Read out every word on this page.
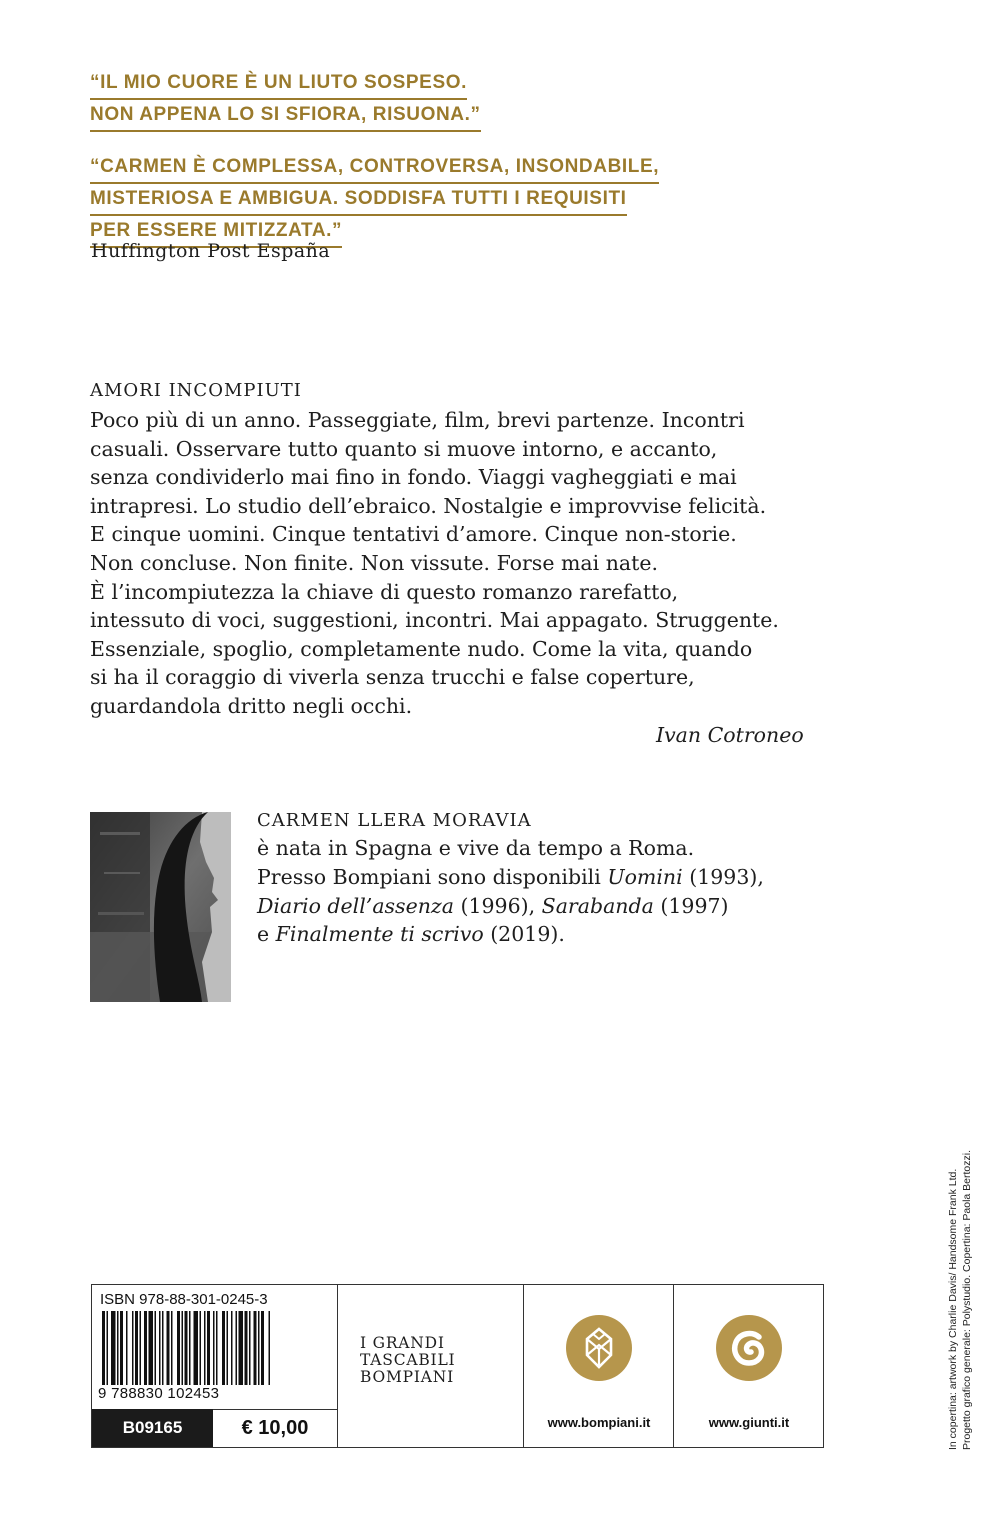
“IL MIO CUORE È UN LIUTO SOSPESO.
NON APPENA LO SI SFIORA, RISUONA.”
“CARMEN È COMPLESSA, CONTROVERSA, INSONDABILE,
MISTERIOSA E AMBIGUA. SODDISFA TUTTI I REQUISITI
PER ESSERE MITIZZATA.”
Huffington Post España
AMORI INCOMPIUTI
Poco più di un anno. Passeggiate, film, brevi partenze. Incontri
casuali. Osservare tutto quanto si muove intorno, e accanto,
senza condividerlo mai fino in fondo. Viaggi vagheggiati e mai
intrapresi. Lo studio dell’ebraico. Nostalgie e improvvise felicità.
E cinque uomini. Cinque tentativi d’amore. Cinque non-storie.
Non concluse. Non finite. Non vissute. Forse mai nate.
È l’incompiutezza la chiave di questo romanzo rarefatto,
intessuto di voci, suggestioni, incontri. Mai appagato. Struggente.
Essenziale, spoglio, completamente nudo. Come la vita, quando
si ha il coraggio di viverla senza trucchi e false coperture,
guardandola dritto negli occhi.
Ivan Cotroneo
CARMEN LLERA MORAVIA
è nata in Spagna e vive da tempo a Roma.
Presso Bompiani sono disponibili Uomini (1993),
Diario dell’assenza (1996), Sarabanda (1997)
e Finalmente ti scrivo (2019).
In copertina: artwork by Charlie Davis/ Handsome Frank Ltd. Progetto grafico generale: Polystudio. Copertina: Paola Bertozzi.
ISBN 978-88-301-0245-3
9 788830 102453
B09165	€ 10,00
I GRANDI
TASCABILI
BOMPIANI
www.bompiani.it	www.giunti.it
